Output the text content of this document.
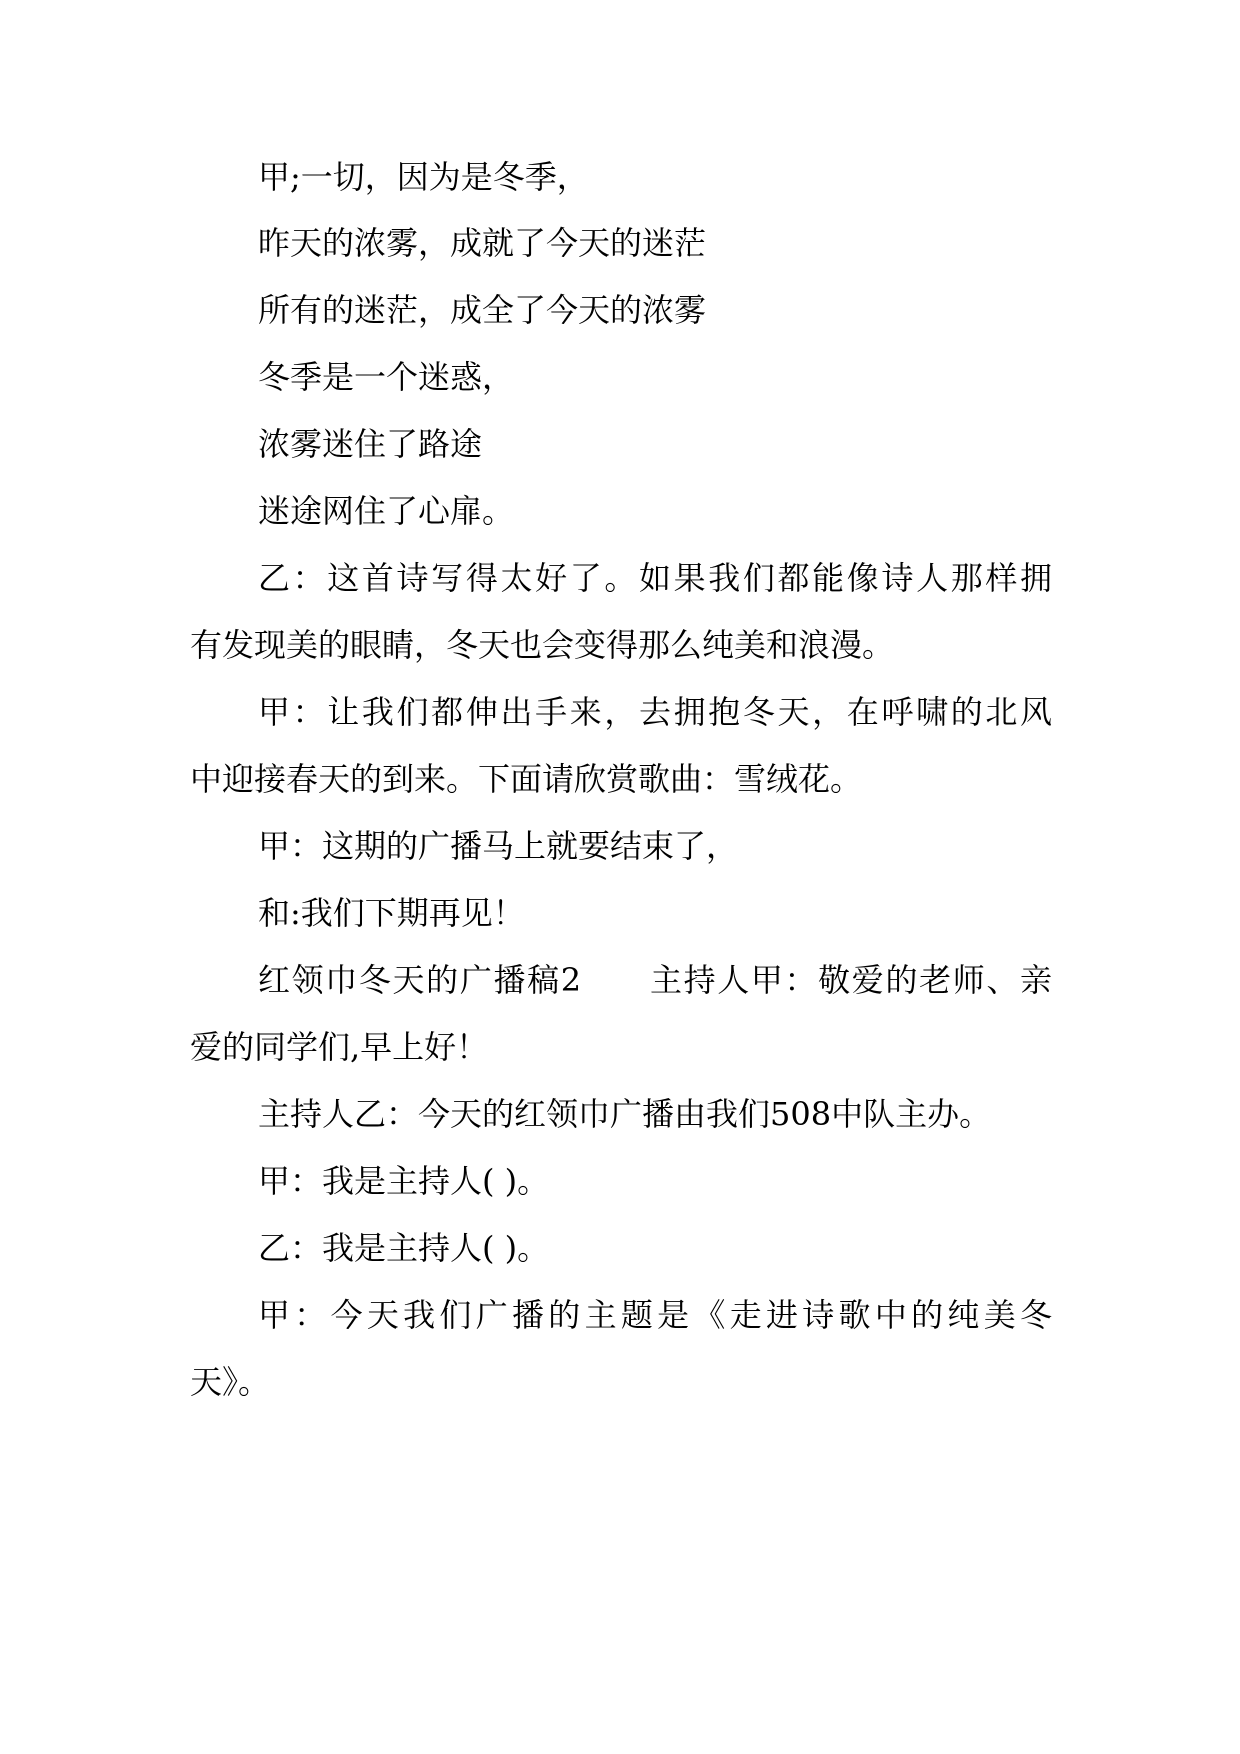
甲;一切，因为是冬季，
昨天的浓雾，成就了今天的迷茫
所有的迷茫，成全了今天的浓雾
冬季是一个迷惑，
浓雾迷住了路途
迷途网住了心扉。
乙：这首诗写得太好了。如果我们都能像诗人那样拥
有发现美的眼睛，冬天也会变得那么纯美和浪漫。
甲：让我们都伸出手来，去拥抱冬天，在呼啸的北风
中迎接春天的到来。下面请欣赏歌曲：雪绒花。
甲：这期的广播马上就要结束了，
和:我们下期再见！
红领巾冬天的广播稿2　　主持人甲：敬爱的老师、亲
爱的同学们,早上好！
主持人乙：今天的红领巾广播由我们508中队主办。
甲：我是主持人( )。
乙：我是主持人( )。
甲：今天我们广播的主题是《走进诗歌中的纯美冬
天》。
